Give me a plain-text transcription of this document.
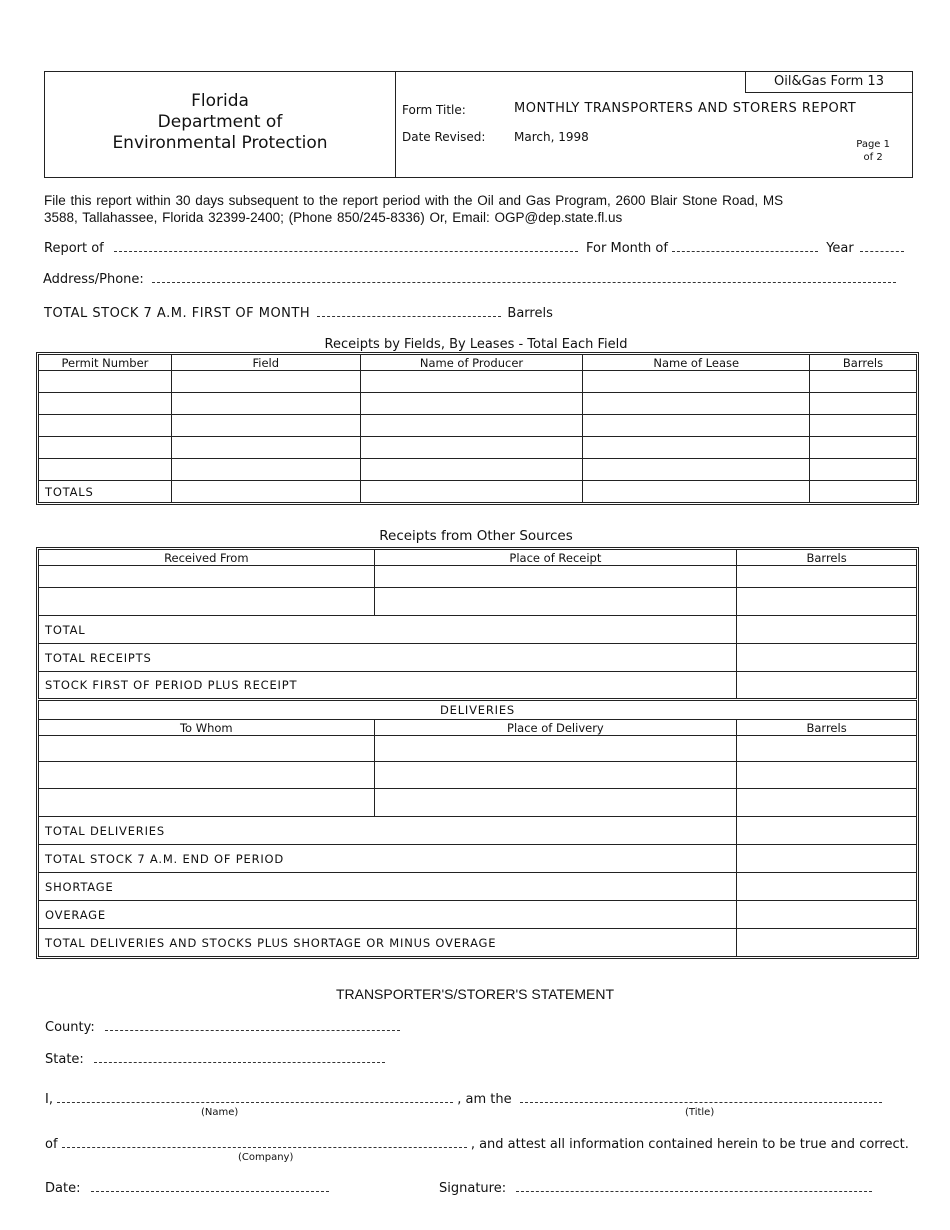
Florida
Department of
Environmental Protection
Oil&Gas Form 13
Form Title:	MONTHLY TRANSPORTERS AND STORERS REPORT
Date Revised: March, 1998
Page 1
of 2
File this report within 30 days subsequent to the report period with the Oil and Gas Program, 2600 Blair Stone Road, MS
3588, Tallahassee, Florida 32399-2400; (Phone 850/245-8336) Or, Email: OGP@dep.state.fl.us
Report of	For Month of	Year
Address/Phone:
TOTAL STOCK 7 A.M. FIRST OF MONTH	Barrels
Receipts by Fields, By Leases - Total Each Field
Permit Number	Field	Name of Producer	Name of Lease	Barrels

TOTALS				
Receipts from Other Sources
Received From	Place of Receipt	Barrels

TOTAL		
TOTAL RECEIPTS		
STOCK FIRST OF PERIOD PLUS RECEIPT		
DELIVERIES		
To Whom	Place of Delivery	Barrels

TOTAL DELIVERIES		
TOTAL STOCK 7 A.M. END OF PERIOD		
SHORTAGE		
OVERAGE		
TOTAL DELIVERIES AND STOCKS PLUS SHORTAGE OR MINUS OVERAGE		
TRANSPORTER'S/STORER'S STATEMENT
County:
State:
I,	, am the
(Name)	(Title)
of	, and attest all information contained herein to be true and correct.
(Company)
Date:	Signature:
